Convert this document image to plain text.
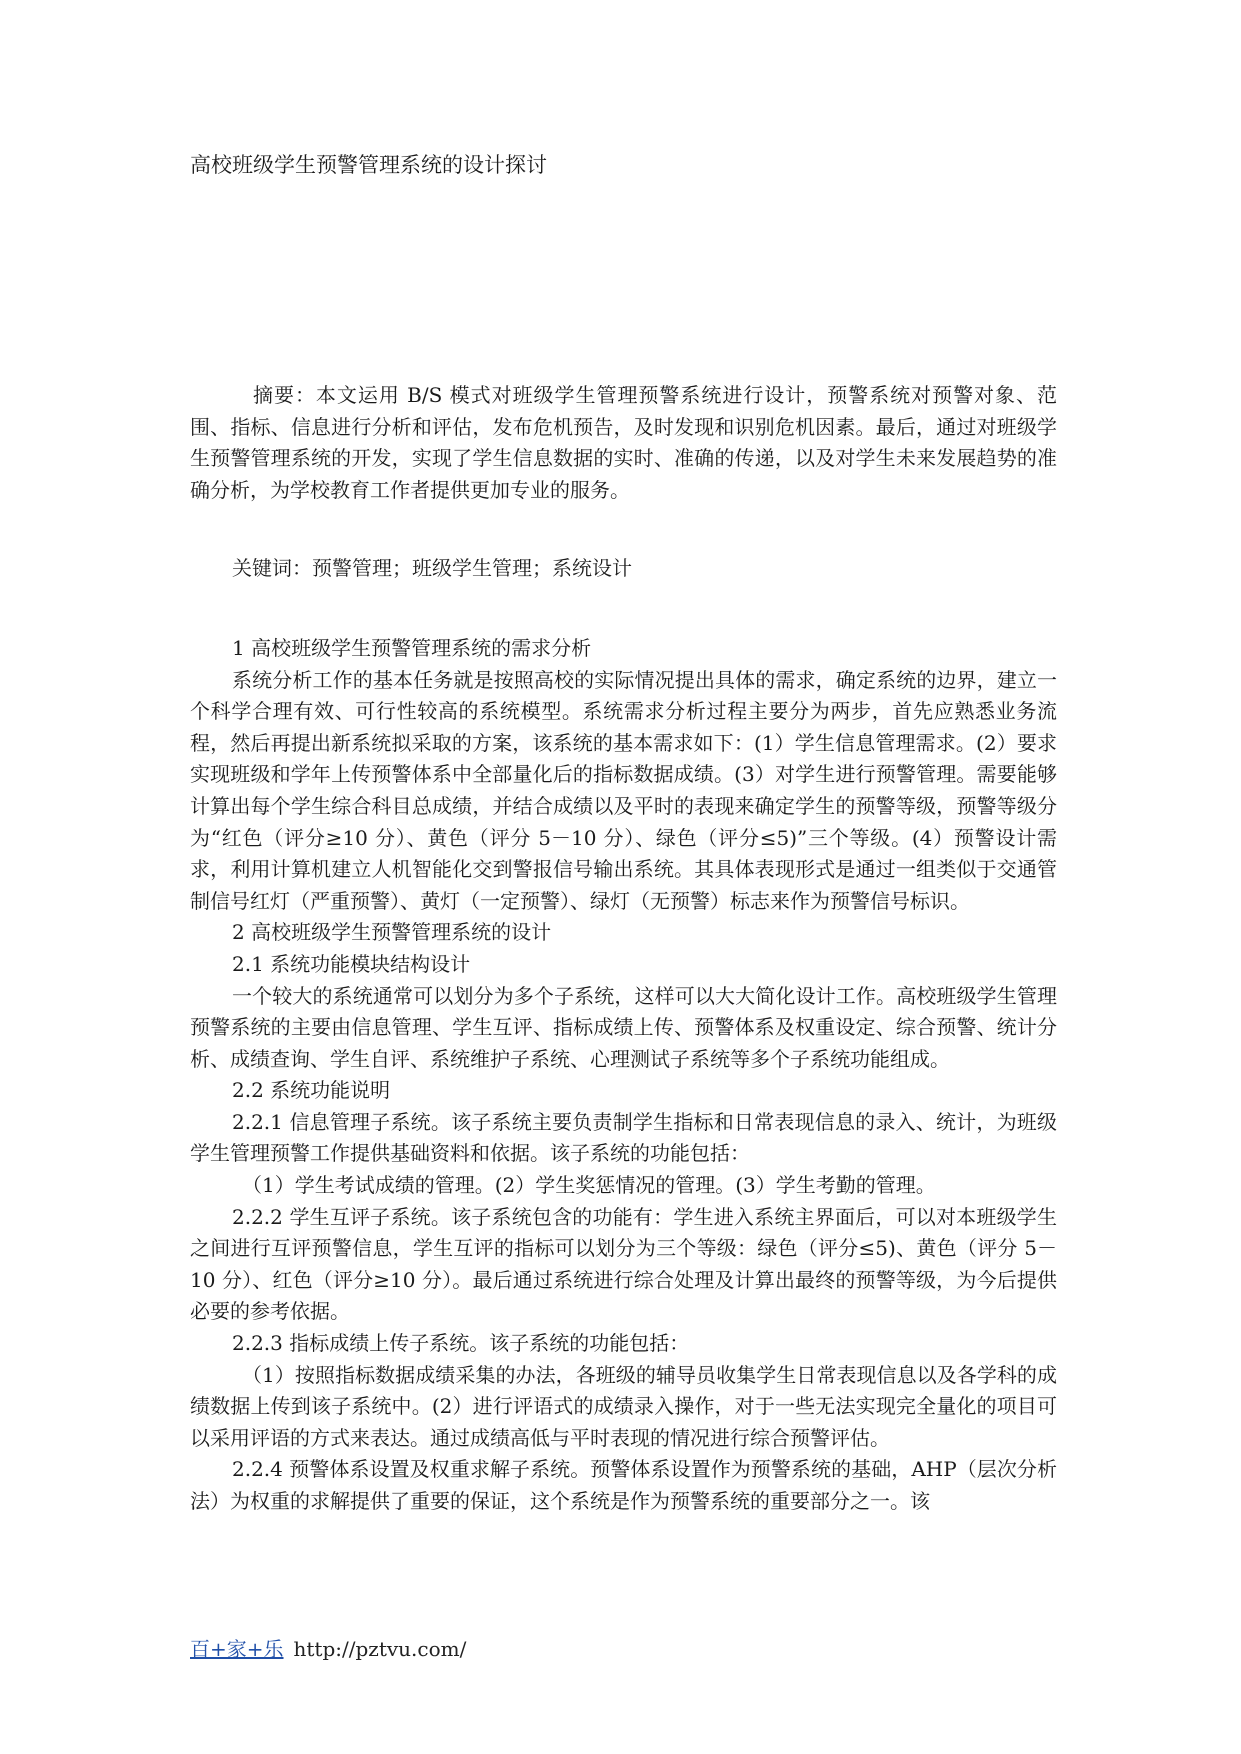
高校班级学生预警管理系统的设计探讨

摘要：本文运用 B/S 模式对班级学生管理预警系统进行设计，预警系统对预警对象、范围、指标、信息进行分析和评估，发布危机预告，及时发现和识别危机因素。最后，通过对班级学生预警管理系统的开发，实现了学生信息数据的实时、准确的传递，以及对学生未来发展趋势的准确分析，为学校教育工作者提供更加专业的服务。

关键词：预警管理；班级学生管理；系统设计

1 高校班级学生预警管理系统的需求分析

系统分析工作的基本任务就是按照高校的实际情况提出具体的需求，确定系统的边界，建立一个科学合理有效、可行性较高的系统模型。系统需求分析过程主要分为两步，首先应熟悉业务流程，然后再提出新系统拟采取的方案，该系统的基本需求如下：(1）学生信息管理需求。(2）要求实现班级和学年上传预警体系中全部量化后的指标数据成绩。(3）对学生进行预警管理。需要能够计算出每个学生综合科目总成绩，并结合成绩以及平时的表现来确定学生的预警等级，预警等级分为“红色（评分≥10 分）、黄色（评分 5－10 分）、绿色（评分≤5)”三个等级。(4）预警设计需求，利用计算机建立人机智能化交到警报信号输出系统。其具体表现形式是通过一组类似于交通管制信号红灯（严重预警）、黄灯（一定预警）、绿灯（无预警）标志来作为预警信号标识。

2 高校班级学生预警管理系统的设计

2.1 系统功能模块结构设计

一个较大的系统通常可以划分为多个子系统，这样可以大大简化设计工作。高校班级学生管理预警系统的主要由信息管理、学生互评、指标成绩上传、预警体系及权重设定、综合预警、统计分析、成绩查询、学生自评、系统维护子系统、心理测试子系统等多个子系统功能组成。

2.2 系统功能说明

2.2.1 信息管理子系统。该子系统主要负责制学生指标和日常表现信息的录入、统计，为班级学生管理预警工作提供基础资料和依据。该子系统的功能包括：

（1）学生考试成绩的管理。(2）学生奖惩情况的管理。(3）学生考勤的管理。

2.2.2 学生互评子系统。该子系统包含的功能有：学生进入系统主界面后，可以对本班级学生之间进行互评预警信息，学生互评的指标可以划分为三个等级：绿色（评分≤5)、黄色（评分 5－10 分）、红色（评分≥10 分）。最后通过系统进行综合处理及计算出最终的预警等级，为今后提供必要的参考依据。

2.2.3 指标成绩上传子系统。该子系统的功能包括：

（1）按照指标数据成绩采集的办法，各班级的辅导员收集学生日常表现信息以及各学科的成绩数据上传到该子系统中。(2）进行评语式的成绩录入操作，对于一些无法实现完全量化的项目可以采用评语的方式来表达。通过成绩高低与平时表现的情况进行综合预警评估。

2.2.4 预警体系设置及权重求解子系统。预警体系设置作为预警系统的基础，AHP（层次分析法）为权重的求解提供了重要的保证，这个系统是作为预警系统的重要部分之一。该

百+家+乐 http://pztvu.com/
